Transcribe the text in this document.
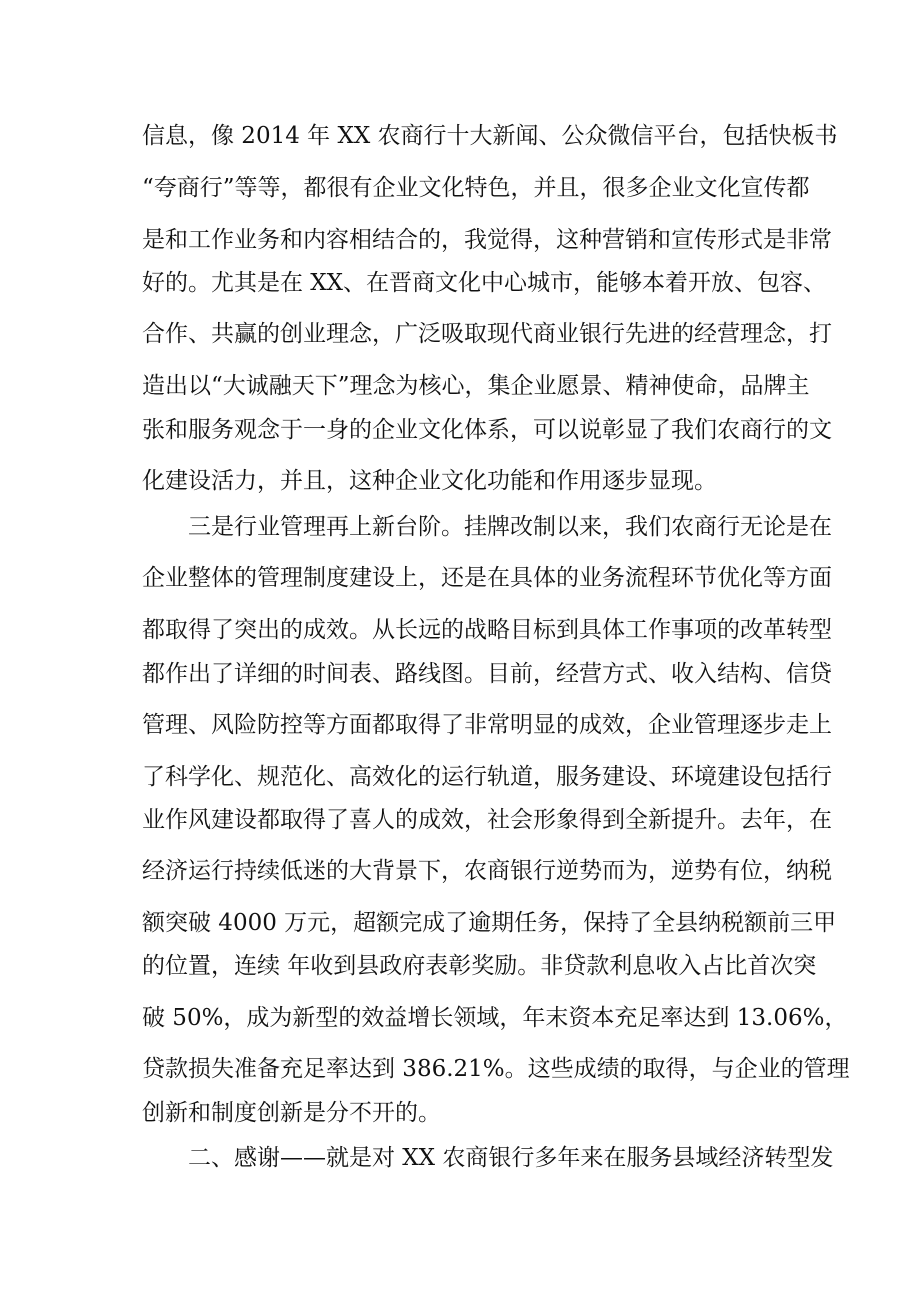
信息，像 2014 年 XX 农商行十大新闻、公众微信平台，包括快板书
“夸商行”等等，都很有企业文化特色，并且，很多企业文化宣传都
是和工作业务和内容相结合的，我觉得，这种营销和宣传形式是非常
好的。尤其是在 XX、在晋商文化中心城市，能够本着开放、包容、
合作、共赢的创业理念，广泛吸取现代商业银行先进的经营理念，打
造出以“大诚融天下”理念为核心，集企业愿景、精神使命，品牌主
张和服务观念于一身的企业文化体系，可以说彰显了我们农商行的文
化建设活力，并且，这种企业文化功能和作用逐步显现。
三是行业管理再上新台阶。挂牌改制以来，我们农商行无论是在
企业整体的管理制度建设上，还是在具体的业务流程环节优化等方面
都取得了突出的成效。从长远的战略目标到具体工作事项的改革转型
都作出了详细的时间表、路线图。目前，经营方式、收入结构、信贷
管理、风险防控等方面都取得了非常明显的成效，企业管理逐步走上
了科学化、规范化、高效化的运行轨道，服务建设、环境建设包括行
业作风建设都取得了喜人的成效，社会形象得到全新提升。去年，在
经济运行持续低迷的大背景下，农商银行逆势而为，逆势有位，纳税
额突破 4000 万元，超额完成了逾期任务，保持了全县纳税额前三甲
的位置，连续 年收到县政府表彰奖励。非贷款利息收入占比首次突
破 50%，成为新型的效益增长领域，年末资本充足率达到 13.06%，
贷款损失准备充足率达到 386.21%。这些成绩的取得，与企业的管理
创新和制度创新是分不开的。
二、感谢——就是对 XX 农商银行多年来在服务县域经济转型发
